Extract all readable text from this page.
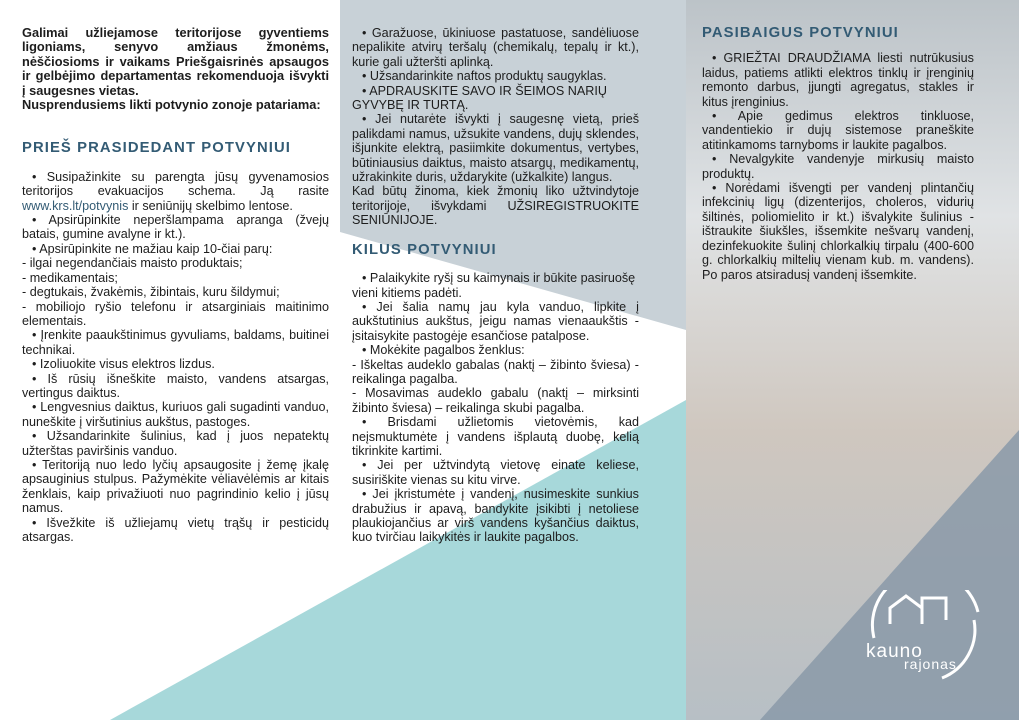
Galimai užliejamose teritorijose gyventiems ligoniams, senyvo amžiaus žmonėms, nėščiosioms ir vaikams Priešgaisrinės apsaugos ir gelbėjimo departamentas rekomenduoja išvykti į saugesnes vietas.

Nusprendusiems likti potvynio zonoje patariama:

PRIEŠ PRASIDEDANT POTVYNIUI

• Susipažinkite su parengta jūsų gyvenamosios teritorijos evakuacijos schema. Ją rasite www.krs.lt/potvynis ir seniūnijų skelbimo lentose.

• Apsirūpinkite neperšlampama apranga (žvejų batais, gumine avalyne ir kt.).

• Apsirūpinkite ne mažiau kaip 10-čiai parų:

- ilgai negendančiais maisto produktais;

- medikamentais;

- degtukais, žvakėmis, žibintais, kuru šildymui;

- mobiliojo ryšio telefonu ir atsarginiais maitinimo elementais.

• Įrenkite paaukštinimus gyvuliams, baldams, buitinei technikai.

• Izoliuokite visus elektros lizdus.

• Iš rūsių išneškite maisto, vandens atsargas, vertingus daiktus.

• Lengvesnius daiktus, kuriuos gali sugadinti vanduo, nuneškite į viršutinius aukštus, pastoges.

• Užsandarinkite šulinius, kad į juos nepatektų užterštas paviršinis vanduo.

• Teritoriją nuo ledo lyčių apsaugosite į žemę įkalę apsauginius stulpus. Pažymėkite vėliavėlėmis ar kitais ženklais, kaip privažiuoti nuo pagrindinio kelio į jūsų namus.

• Išvežkite iš užliejamų vietų trąšų ir pesticidų atsargas.

• Garažuose, ūkiniuose pastatuose, sandėliuose nepalikite atvirų teršalų (chemikalų, tepalų ir kt.), kurie gali užteršti aplinką.

• Užsandarinkite naftos produktų saugyklas.

• APDRAUSKITE SAVO IR ŠEIMOS NARIŲ GYVYBĘ IR TURTĄ.

• Jei nutarėte išvykti į saugesnę vietą, prieš palikdami namus, užsukite vandens, dujų sklendes, išjunkite elektrą, pasiimkite dokumentus, vertybes, būtiniausius daiktus, maisto atsargų, medikamentų, užrakinkite duris, uždarykite (užkalkite) langus.

Kad būtų žinoma, kiek žmonių liko užtvindytoje teritorijoje, išvykdami UŽSIREGISTRUOKITE SENIŪNIJOJE.

KILUS POTVYNIUI

• Palaikykite ryšį su kaimynais ir būkite pasiruošę vieni kitiems padėti.

• Jei šalia namų jau kyla vanduo, lipkite į aukštutinius aukštus, jeigu namas vienaaukštis - įsitaisykite pastogėje esančiose patalpose.

• Mokėkite pagalbos ženklus:

- Iškeltas audeklo gabalas (naktį – žibinto šviesa) - reikalinga pagalba.

- Mosavimas audeklo gabalu (naktį – mirksinti žibinto šviesa) – reikalinga skubi pagalba.

• Brisdami užlietomis vietovėmis, kad neįsmuktumėte į vandens išplautą duobę, kelią tikrinkite kartimi.

• Jei per užtvindytą vietovę einate keliese, susiriškite vienas su kitu virve.

• Jei įkristumėte į vandenį, nusimeskite sunkius drabužius ir apavą, bandykite įsikibti į netoliese plaukiojančius ar virš vandens kyšančius daiktus, kuo tvirčiau laikykitės ir laukite pagalbos.

PASIBAIGUS POTVYNIUI

• GRIEŽTAI DRAUDŽIAMA liesti nutrūkusius laidus, patiems atlikti elektros tinklų ir įrenginių remonto darbus, įjungti agregatus, stakles ir kitus įrenginius.

• Apie gedimus elektros tinkluose, vandentiekio ir dujų sistemose praneškite atitinkamoms tarnyboms ir laukite pagalbos.

• Nevalgykite vandenyje mirkusių maisto produktų.

• Norėdami išvengti per vandenį plintančių infekcinių ligų (dizenterijos, choleros, vidurių šiltinės, poliomielito ir kt.) išvalykite šulinius - ištraukite šiukšles, išsemkite nešvarų vandenį, dezinfekuokite šulinį chlorkalkių tirpalu (400-600 g. chlorkalkių miltelių vienam kub. m. vandens). Po paros atsiradusį vandenį išsemkite.

kauno
rajonas
